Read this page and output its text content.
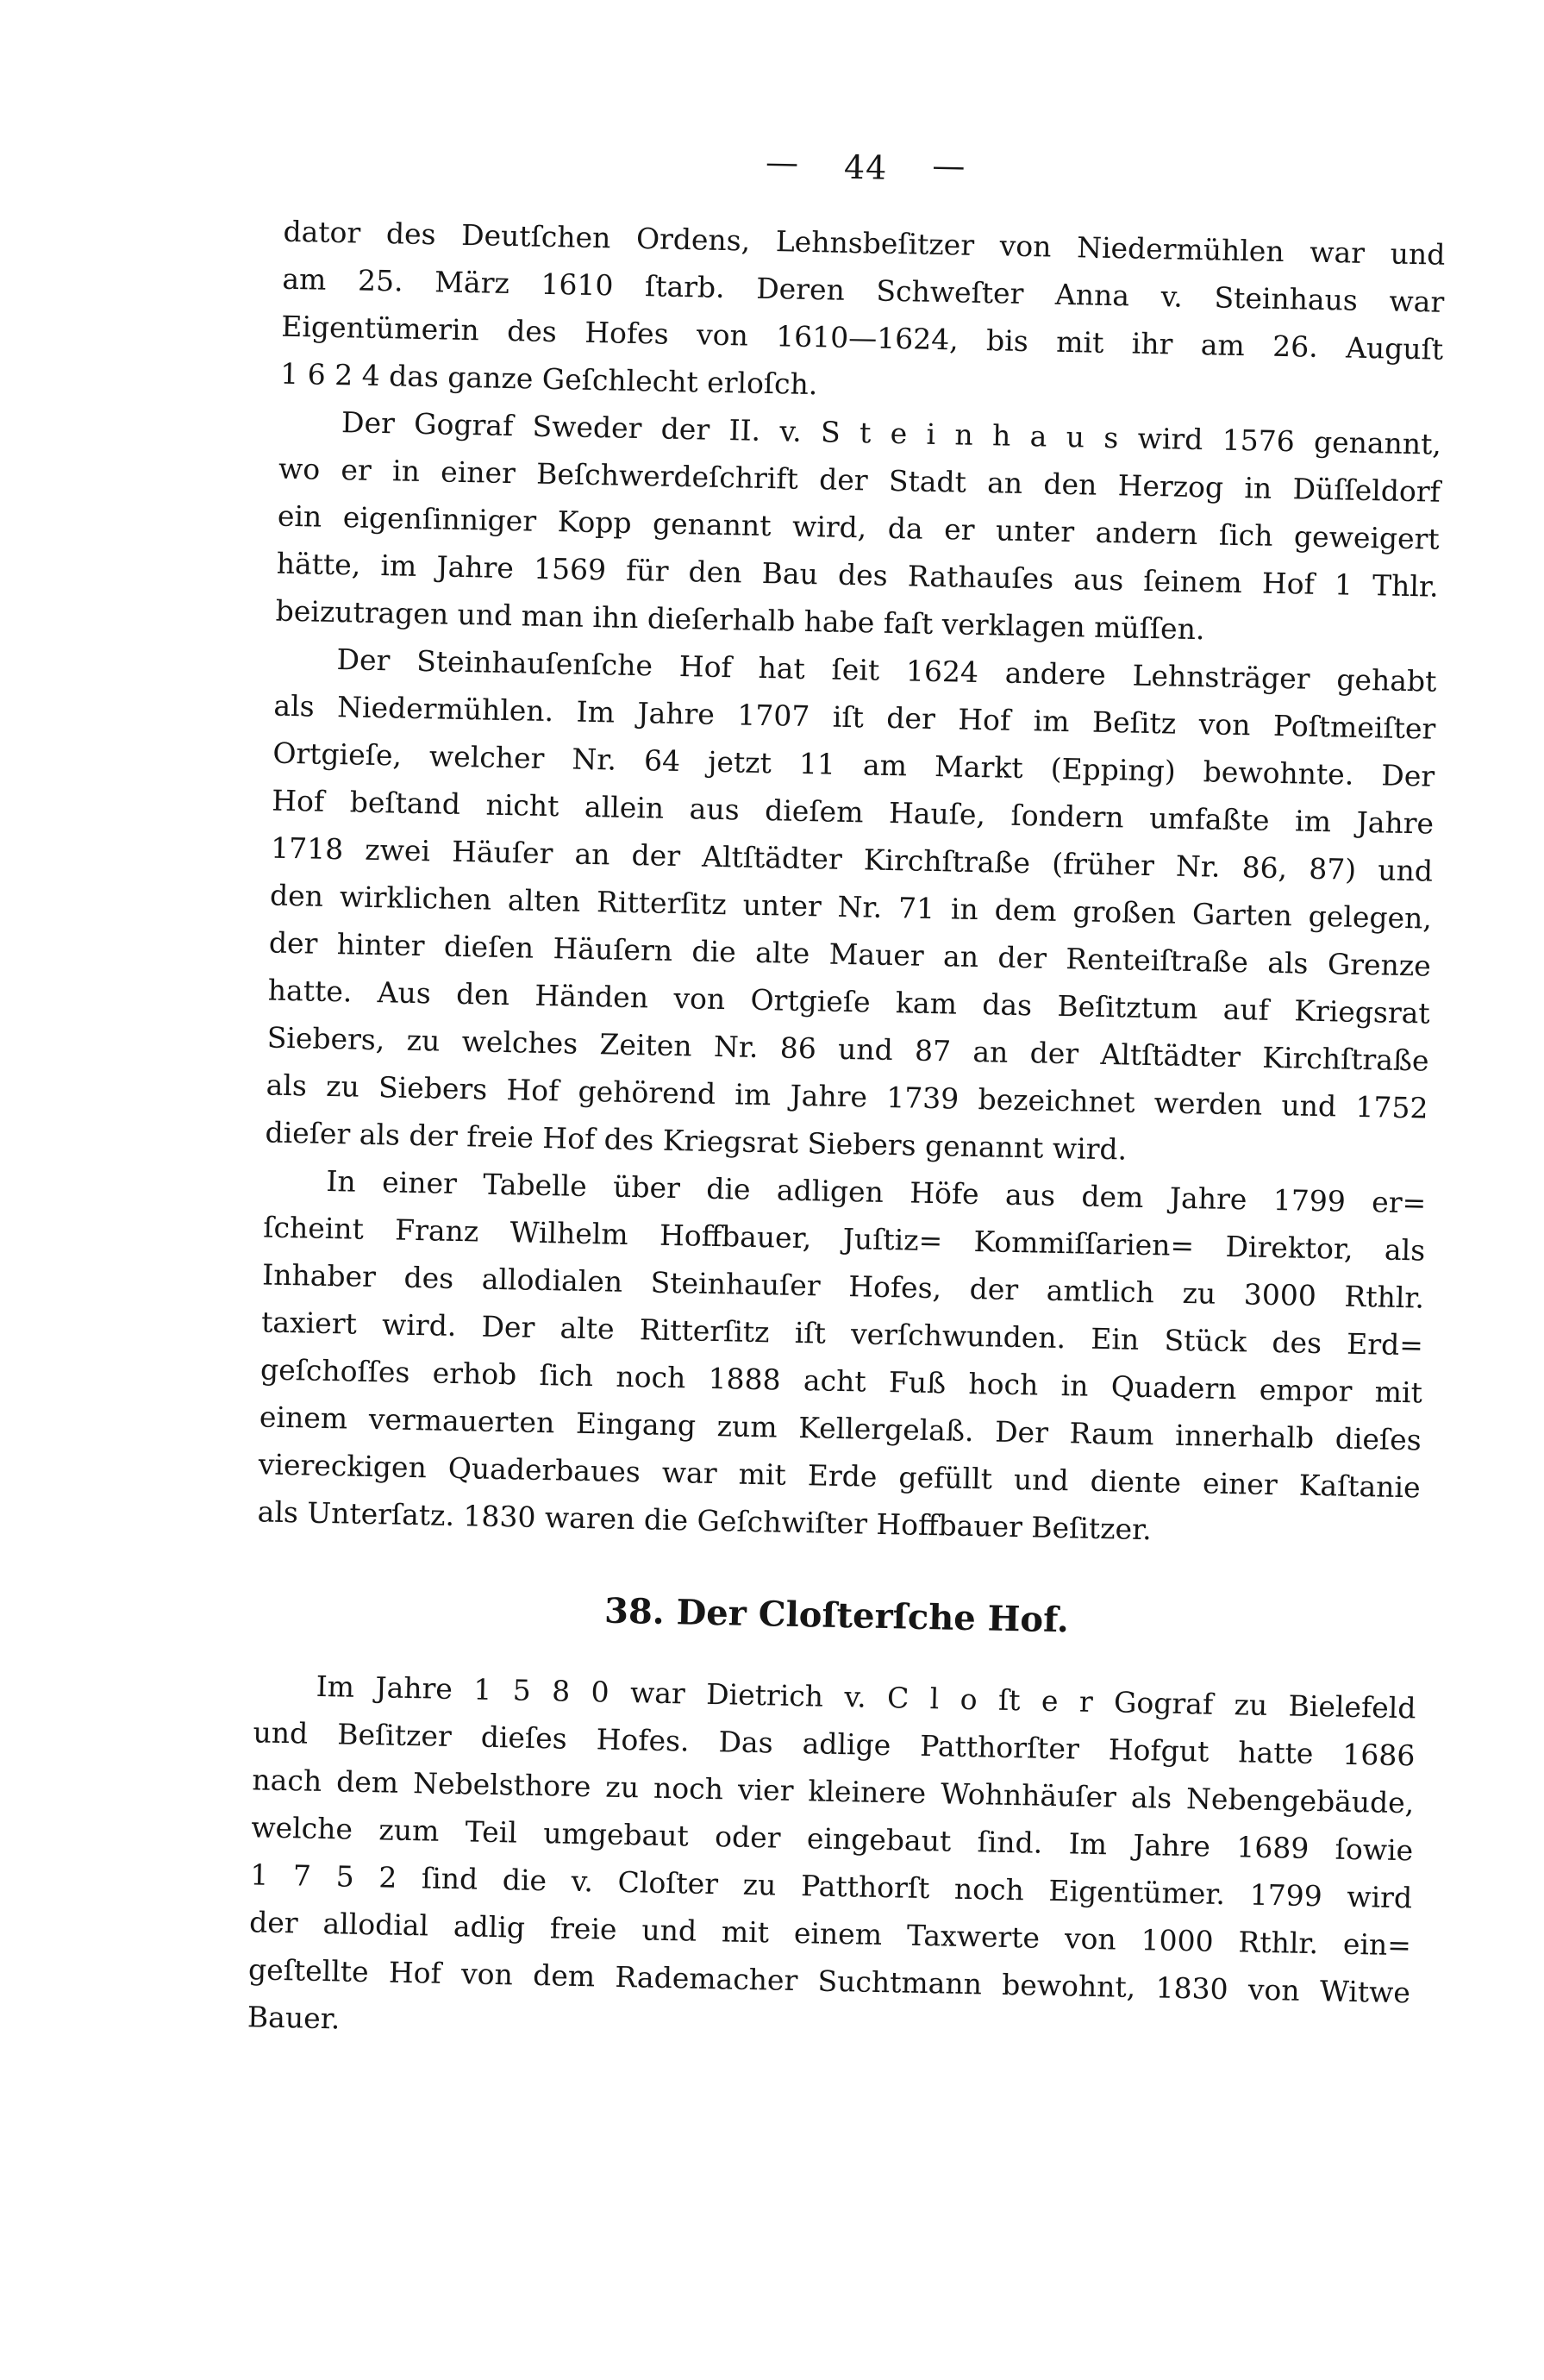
— 44 —
dator des Deutſchen Ordens, Lehnsbeſitzer von Niedermühlen war und
am 25. März 1610 ſtarb. Deren Schweſter Anna v. Steinhaus war
Eigentümerin des Hofes von 1610—1624, bis mit ihr am 26. Auguſt
1 6 2 4 das ganze Geſchlecht erloſch.
Der Gograf Sweder der II. v. S t e i n h a u s wird 1576 genannt,
wo er in einer Beſchwerdeſchrift der Stadt an den Herzog in Düſſeldorf
ein eigenſinniger Kopp genannt wird, da er unter andern ſich geweigert
hätte, im Jahre 1569 für den Bau des Rathauſes aus ſeinem Hof 1 Thlr.
beizutragen und man ihn dieſerhalb habe faſt verklagen müſſen.
Der Steinhauſenſche Hof hat ſeit 1624 andere Lehnsträger gehabt
als Niedermühlen. Im Jahre 1707 iſt der Hof im Beſitz von Poſtmeiſter
Ortgieſe, welcher Nr. 64 jetzt 11 am Markt (Epping) bewohnte. Der
Hof beſtand nicht allein aus dieſem Hauſe, ſondern umfaßte im Jahre
1718 zwei Häuſer an der Altſtädter Kirchſtraße (früher Nr. 86, 87) und
den wirklichen alten Ritterſitz unter Nr. 71 in dem großen Garten gelegen,
der hinter dieſen Häuſern die alte Mauer an der Renteiſtraße als Grenze
hatte. Aus den Händen von Ortgieſe kam das Beſitztum auf Kriegsrat
Siebers, zu welches Zeiten Nr. 86 und 87 an der Altſtädter Kirchſtraße
als zu Siebers Hof gehörend im Jahre 1739 bezeichnet werden und 1752
dieſer als der freie Hof des Kriegsrat Siebers genannt wird.
In einer Tabelle über die adligen Höfe aus dem Jahre 1799 er=
ſcheint Franz Wilhelm Hoffbauer, Juſtiz= Kommiſſarien= Direktor, als
Inhaber des allodialen Steinhauſer Hofes, der amtlich zu 3000 Rthlr.
taxiert wird. Der alte Ritterſitz iſt verſchwunden. Ein Stück des Erd=
geſchoſſes erhob ſich noch 1888 acht Fuß hoch in Quadern empor mit
einem vermauerten Eingang zum Kellergelaß. Der Raum innerhalb dieſes
viereckigen Quaderbaues war mit Erde gefüllt und diente einer Kaſtanie
als Unterſatz. 1830 waren die Geſchwiſter Hoffbauer Beſitzer.
38. Der Cloſterſche Hof.
Im Jahre 1 5 8 0 war Dietrich v. C l o ſt e r Gograf zu Bielefeld
und Beſitzer dieſes Hofes. Das adlige Patthorſter Hofgut hatte 1686
nach dem Nebelsthore zu noch vier kleinere Wohnhäuſer als Nebengebäude,
welche zum Teil umgebaut oder eingebaut ſind. Im Jahre 1689 ſowie
1 7 5 2 ſind die v. Cloſter zu Patthorſt noch Eigentümer. 1799 wird
der allodial adlig freie und mit einem Taxwerte von 1000 Rthlr. ein=
geſtellte Hof von dem Rademacher Suchtmann bewohnt, 1830 von Witwe
Bauer.
